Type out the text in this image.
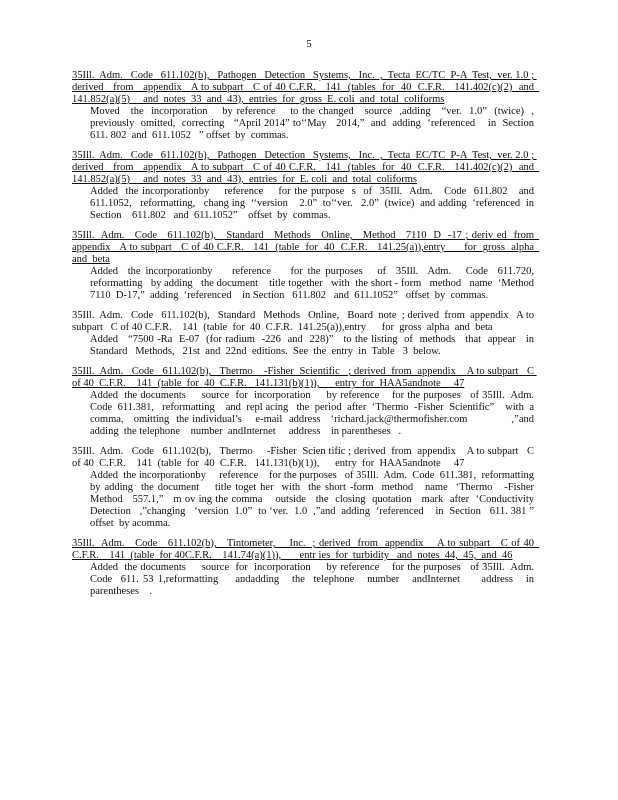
5
35Ill.  Adm.   Code   611.102(b),   Pathogen   Detection   Systems,   Inc.  ,  Tecta  EC/TC  P-A  Test,  ver. 1.0 ; derived   from   appendix   A to subpart   C of 40 C.F.R.   141  (tables  for  40  C.F.R.   141.402(c)(2)  and  141.852(a)(5)     and  notes  33  and  43),  entries  for  gross  E. coli  and  total  coliforms
Moved   the  incorporation    by reference    to the changed   source  ,adding   “ver.  1.0”  (twice)  ,  previously  omitted,  correcting   “April 2014” to‘‘May   2014,”  and  adding  ‘referenced    in  Section   611. 802  and  611.1052   ” offset  by  commas.
35Ill.  Adm.   Code   611.102(b),   Pathogen   Detection   Systems,   Inc.  ,  Tecta  EC/TC  P-A  Test,  ver. 2.0 ; derived   from   appendix   A to subpart   C of 40 C.F.R.   141  (tables  for  40  C.F.R.   141.402(c)(2)  and  141.852(a)(5)     and  notes  33  and  43),  entries  for  E. coli  and  total  coliforms
Added  the incorporationby    reference    for the purpose  s  of  35Ill.  Adm.   Code  611.802   and  611.1052,   reformatting,   chang ing  ‘‘version    2.0”  to‘‘ver.   2.0”  (twice)  and adding  ‘referenced  in Section    611.802   and  611.1052”    offset  by  commas.
35Ill.  Adm.   Code   611.102(b),   Standard   Methods   Online,   Method   7110  D  -17 ; deriv ed  from  appendix   A to subpart   C of 40 C.F.R.   141  (table  for  40  C.F.R.   141.25(a)),entry      for  gross  alpha  and  beta
Added  the incorporationby    reference    for the purposes   of  35Ill.  Adm.   Code  611.720,  reformatting   by adding   the document    title together   with  the short - form   method   name  ‘Method    7110  D-17,”  adding  ‘referenced    in Section   611.802   and  611.1052”   offset  by  commas.
35Ill.  Adm.   Code   611.102(b),   Standard   Methods   Online,   Board  note  ; derived  from  appendix   A to subpart   C of 40 C.F.R.    141  (table  for  40  C.F.R.  141.25(a)),entry      for  gross  alpha  and  beta
Added   “7500 -Ra  E-07  (for radium  -226  and  228)”   to the listing  of  methods   that  appear   in  Standard   Methods,   21st  and  22nd  editions.  See  the  entry  in  Table   3  below.
35Ill.  Adm.   Code   611.102(b),   Thermo    -Fisher  Scientific   ; derived  from  appendix    A to subpart   C of 40  C.F.R.    141  (table  for  40  C.F.R.   141.131(b)(1)),      entry  for  HAA5andnote     47
Added  the documents     source  for  incorporation     by reference    for the purposes   of 35Ill.  Adm.  Code  611.381,   reformatting    and  repl acing   the  period  after  ‘Thermo  -Fisher  Scientific”    with  a  comma,   omitting  the individual’s    e-mail  address   ‘richard.jack@thermofisher.com             ,”and  adding  the telephone    number  andInternet     address    in parentheses   .
35Ill.  Adm.   Code   611.102(b),   Thermo     -Fisher  Scien tific ; derived  from  appendix    A to subpart   C of 40  C.F.R.    141  (table  for  40  C.F.R.   141.131(b)(1)),      entry  for  HAA5andnote     47
Added  the incorporationby     reference    for the purposes   of 35Ill.  Adm.  Code  611.381,  reformatting   by adding  the document    title toget her  with  the short -form  method   name  ‘Thermo   -Fisher  Method   557.1,”   m ov ing the comma    outside   the  closing  quotation   mark  after  ‘Conductivity     Detection   ,”changing   ‘version  1.0”  to ‘ver.  1.0  ,”and  adding  ‘referenced    in  Section   611. 381 ” offset  by acomma.
35Ill.  Adm.   Code   611.102(b),   Tintometer,    Inc.  ; derived  from  appendix    A to subpart   C of 40  C.F.R.    141  (table  for 40C.F.R.    141.74(a)(1)),       entr ies  for  turbidity   and  notes  44,  45,  and  46
Added  the documents     source  for  incorporation     by reference    for the purposes   of 35Ill.  Adm.  Code  611. 53 1,reformatting    andadding   the  telephone   number   andInternet     address   in  parentheses    .
